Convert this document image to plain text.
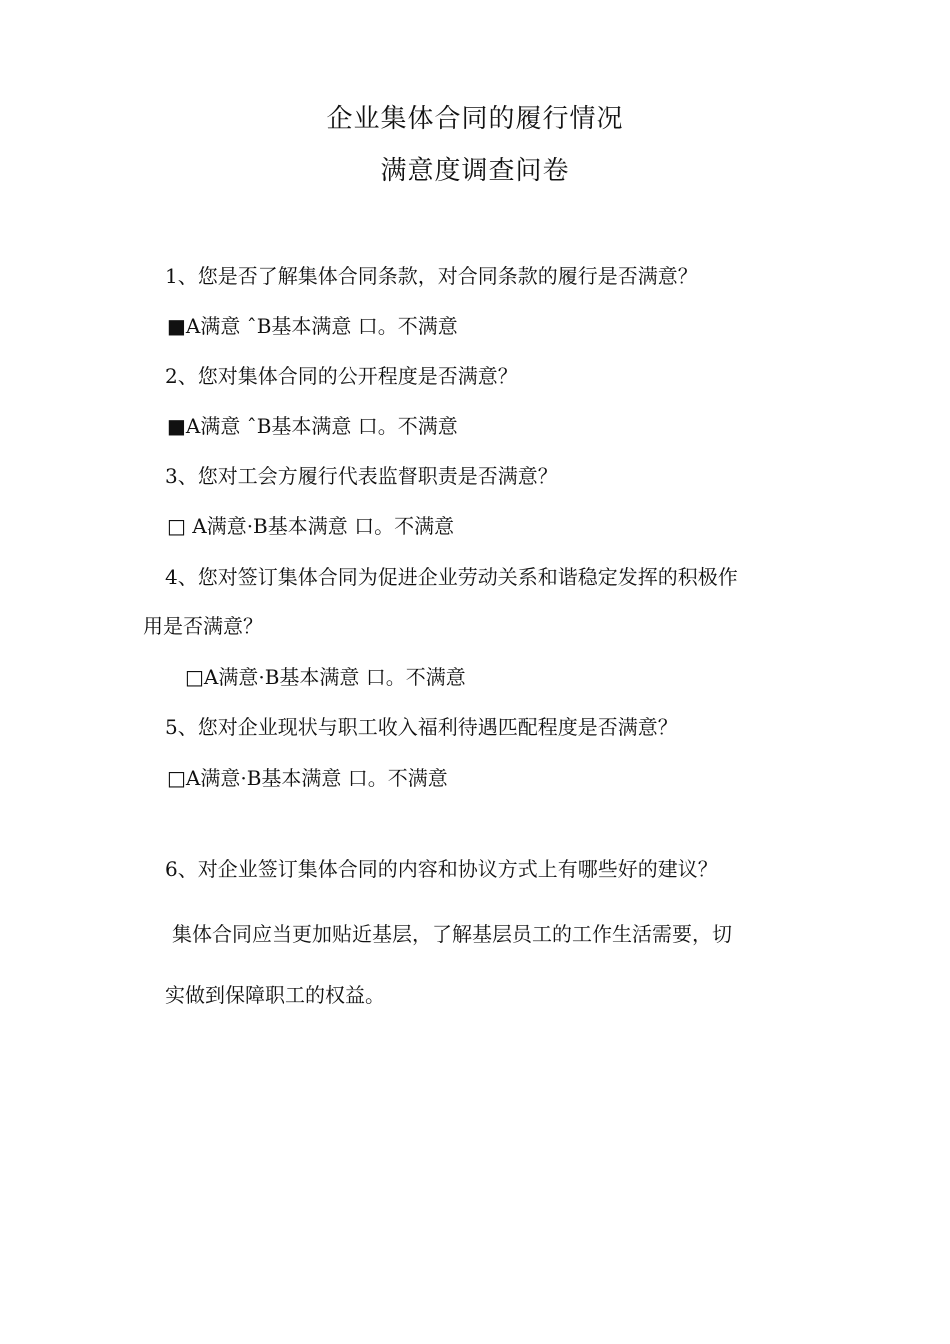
企业集体合同的履行情况
满意度调查问卷
1、您是否了解集体合同条款，对合同条款的履行是否满意？
■A满意 ˆB基本满意 口。不满意
2、您对集体合同的公开程度是否满意？
■A满意 ˆB基本满意 口。不满意
3、您对工会方履行代表监督职责是否满意？
□ A满意·B基本满意 口。不满意
4、您对签订集体合同为促进企业劳动关系和谐稳定发挥的积极作
用是否满意？
□A满意·B基本满意 口。不满意
5、您对企业现状与职工收入福利待遇匹配程度是否满意？
□A满意·B基本满意 口。不满意
6、对企业签订集体合同的内容和协议方式上有哪些好的建议？
集体合同应当更加贴近基层，了解基层员工的工作生活需要，切
实做到保障职工的权益。
